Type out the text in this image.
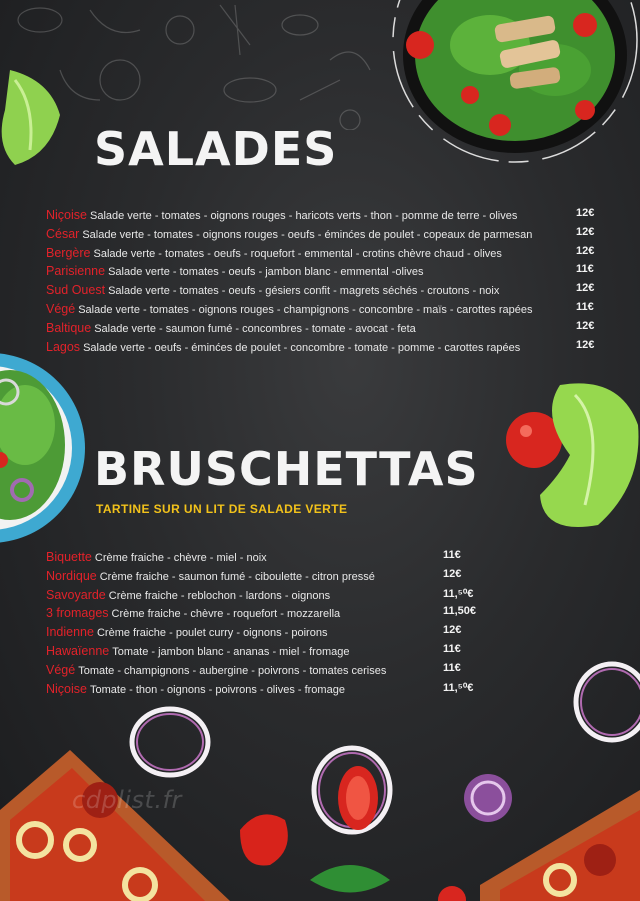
SALADES
Niçoise Salade verte - tomates - oignons rouges - haricots verts - thon - pomme de terre - olives	12€
César Salade verte - tomates - oignons rouges - oeufs - éminćes de poulet - copeaux de parmesan	12€
Bergère Salade verte - tomates - oeufs - roquefort - emmental - crotins chèvre chaud - olives	12€
Parisienne Salade verte - tomates - oeufs - jambon blanc - emmental -olives	11€
Sud Ouest Salade verte - tomates - oeufs - gésiers confit - magrets séchés - croutons - noix	12€
Végé Salade verte - tomates - oignons rouges - champignons - concombre - maïs - carottes rapées	11€
Baltique Salade verte - saumon fumé - concombres - tomate - avocat - feta	12€
Lagos Salade verte - oeufs - éminćes de poulet - concombre - tomate - pomme - carottes rapées	12€
BRUSCHETTAS
TARTINE SUR UN LIT DE SALADE VERTE
Biquette Crème fraiche - chèvre - miel - noix	11€
Nordique Crème fraiche - saumon fumé - ciboulette - citron pressé	12€
Savoyarde Crème fraiche - reblochon - lardons - oignons	11,⁵⁰€
3 fromages Crème fraiche - chèvre - roquefort - mozzarella	11,50€
Indienne Crème fraiche - poulet curry - oignons - poirons	12€
Hawaïenne Tomate - jambon blanc - ananas - miel - fromage	11€
Végé Tomate - champignons - aubergine - poivrons - tomates cerises	11€
Niçoise Tomate - thon - oignons - poivrons - olives - fromage	11,⁵⁰€
cdplist.fr
